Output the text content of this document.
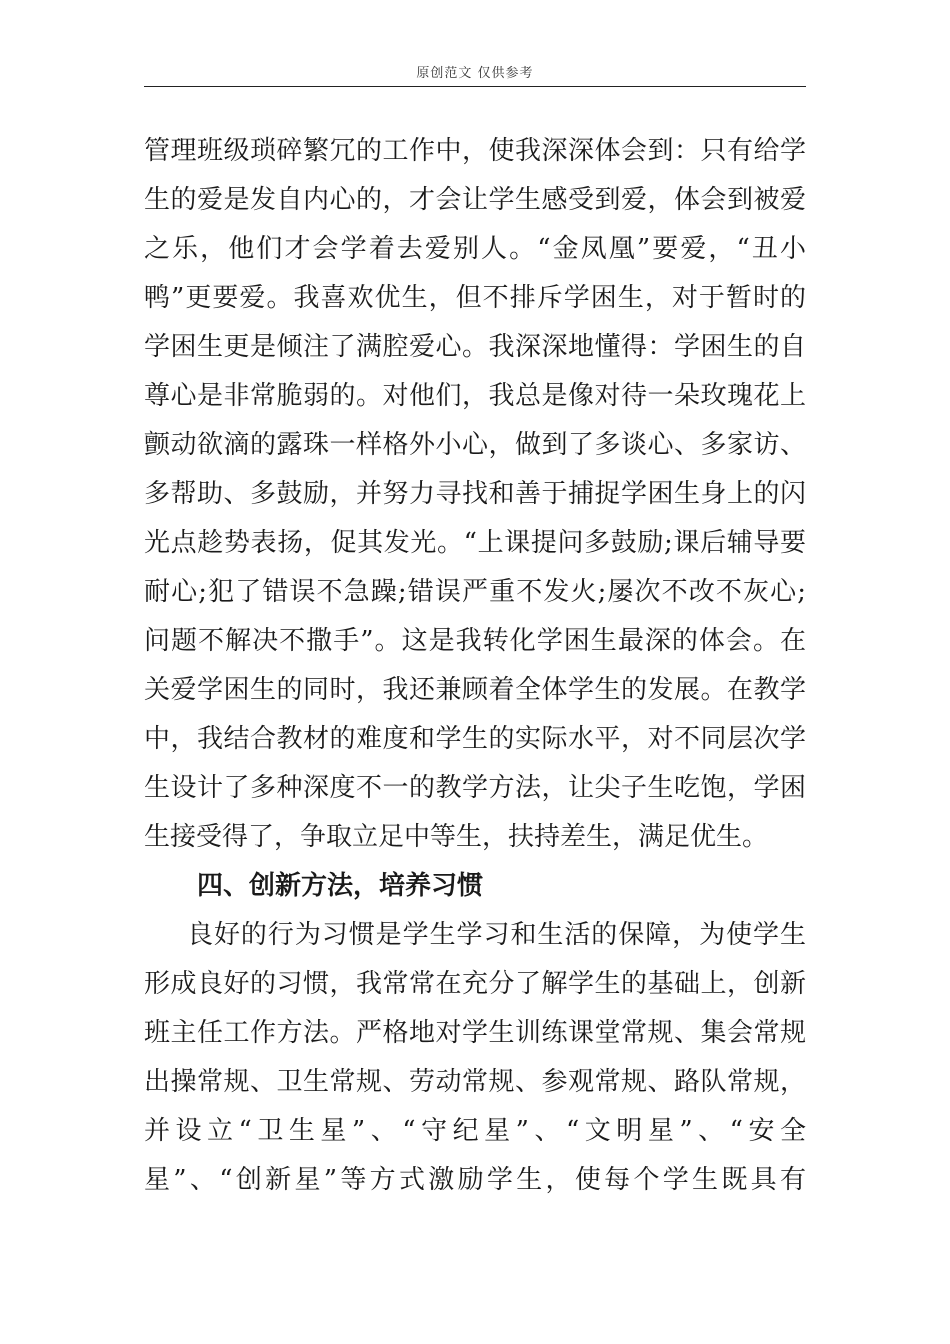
原创范文 仅供参考
管理班级琐碎繁冗的工作中，使我深深体会到：只有给学
生的爱是发自内心的，才会让学生感受到爱，体会到被爱
之乐，他们才会学着去爱别人。“金凤凰”要爱，“丑小
鸭”更要爱。我喜欢优生，但不排斥学困生，对于暂时的
学困生更是倾注了满腔爱心。我深深地懂得：学困生的自
尊心是非常脆弱的。对他们，我总是像对待一朵玫瑰花上
颤动欲滴的露珠一样格外小心，做到了多谈心、多家访、
多帮助、多鼓励，并努力寻找和善于捕捉学困生身上的闪
光点趁势表扬，促其发光。“上课提问多鼓励;课后辅导要
耐心;犯了错误不急躁;错误严重不发火;屡次不改不灰心;
问题不解决不撒手”。这是我转化学困生最深的体会。在
关爱学困生的同时，我还兼顾着全体学生的发展。在教学
中，我结合教材的难度和学生的实际水平，对不同层次学
生设计了多种深度不一的教学方法，让尖子生吃饱，学困
生接受得了，争取立足中等生，扶持差生，满足优生。
四、创新方法，培养习惯
良好的行为习惯是学生学习和生活的保障，为使学生
形成良好的习惯，我常常在充分了解学生的基础上，创新
班主任工作方法。严格地对学生训练课堂常规、集会常规
出操常规、卫生常规、劳动常规、参观常规、路队常规，
并设立“卫生星”、“守纪星”、“文明星”、“安全
星”、“创新星”等方式激励学生，使每个学生既具有
